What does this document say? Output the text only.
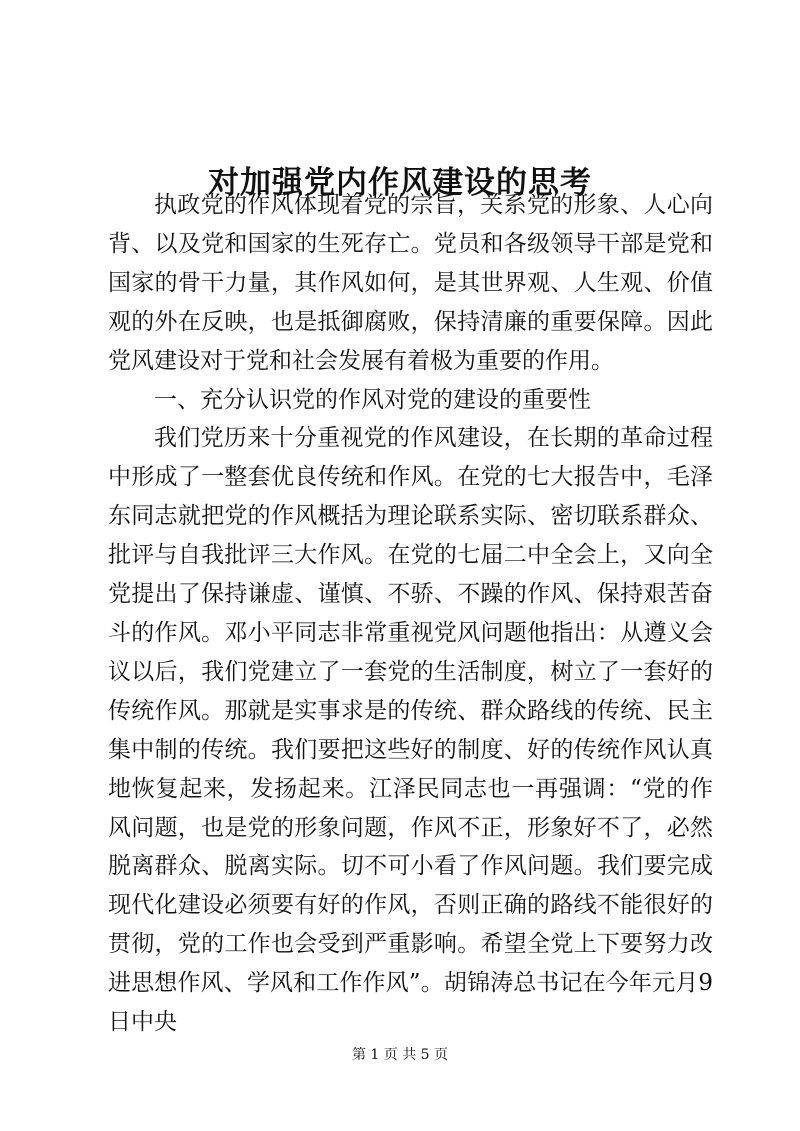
对加强党内作风建设的思考

执政党的作风体现着党的宗旨，关系党的形象、人心向背、以及党和国家的生死存亡。党员和各级领导干部是党和国家的骨干力量，其作风如何，是其世界观、人生观、价值观的外在反映，也是抵御腐败，保持清廉的重要保障。因此党风建设对于党和社会发展有着极为重要的作用。

一、充分认识党的作风对党的建设的重要性

我们党历来十分重视党的作风建设，在长期的革命过程中形成了一整套优良传统和作风。在党的七大报告中，毛泽东同志就把党的作风概括为理论联系实际、密切联系群众、批评与自我批评三大作风。在党的七届二中全会上，又向全党提出了保持谦虚、谨慎、不骄、不躁的作风、保持艰苦奋斗的作风。邓小平同志非常重视党风问题他指出：从遵义会议以后，我们党建立了一套党的生活制度，树立了一套好的传统作风。那就是实事求是的传统、群众路线的传统、民主集中制的传统。我们要把这些好的制度、好的传统作风认真地恢复起来，发扬起来。江泽民同志也一再强调：“党的作风问题，也是党的形象问题，作风不正，形象好不了，必然脱离群众、脱离实际。切不可小看了作风问题。我们要完成现代化建设必须要有好的作风，否则正确的路线不能很好的贯彻，党的工作也会受到严重影响。希望全党上下要努力改进思想作风、学风和工作作风”。胡锦涛总书记在今年元月9日中央

第 1 页 共 5 页
